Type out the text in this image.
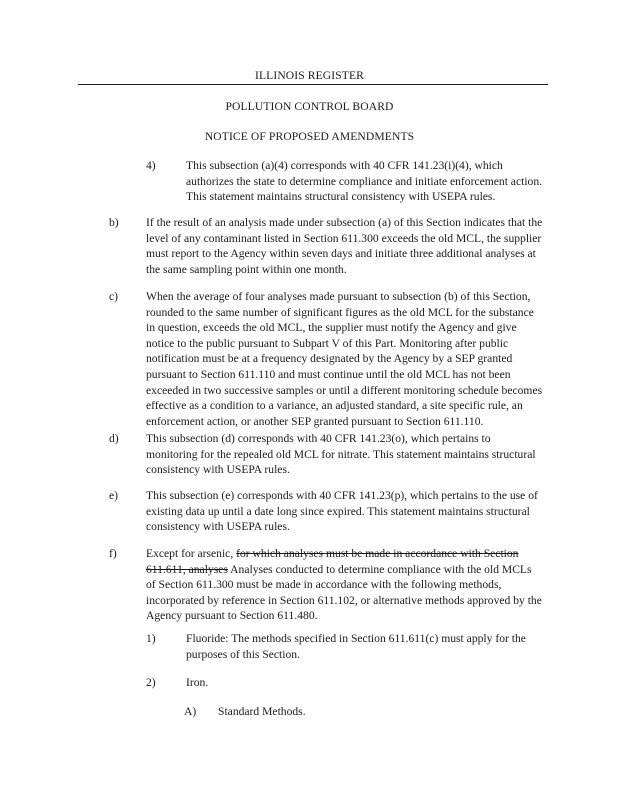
ILLINOIS REGISTER
POLLUTION CONTROL BOARD
NOTICE OF PROPOSED AMENDMENTS
4)	This subsection (a)(4) corresponds with 40 CFR 141.23(i)(4), which authorizes the state to determine compliance and initiate enforcement action. This statement maintains structural consistency with USEPA rules.

b) If the result of an analysis made under subsection (a) of this Section indicates that the level of any contaminant listed in Section 611.300 exceeds the old MCL, the supplier must report to the Agency within seven days and initiate three additional analyses at the same sampling point within one month.

c) When the average of four analyses made pursuant to subsection (b) of this Section, rounded to the same number of significant figures as the old MCL for the substance in question, exceeds the old MCL, the supplier must notify the Agency and give notice to the public pursuant to Subpart V of this Part. Monitoring after public notification must be at a frequency designated by the Agency by a SEP granted pursuant to Section 611.110 and must continue until the old MCL has not been exceeded in two successive samples or until a different monitoring schedule becomes effective as a condition to a variance, an adjusted standard, a site specific rule, an enforcement action, or another SEP granted pursuant to Section 611.110.

d) This subsection (d) corresponds with 40 CFR 141.23(o), which pertains to monitoring for the repealed old MCL for nitrate. This statement maintains structural consistency with USEPA rules.

e) This subsection (e) corresponds with 40 CFR 141.23(p), which pertains to the use of existing data up until a date long since expired. This statement maintains structural consistency with USEPA rules.

f)	Except for arsenic, for which analyses must be made in accordance with Section 611.611, analyses Analyses conducted to determine compliance with the old MCLs of Section 611.300 must be made in accordance with the following methods, incorporated by reference in Section 611.102, or alternative methods approved by the Agency pursuant to Section 611.480.

1)	Fluoride: The methods specified in Section 611.611(c) must apply for the purposes of this Section.

2)	Iron.

A) Standard Methods.
